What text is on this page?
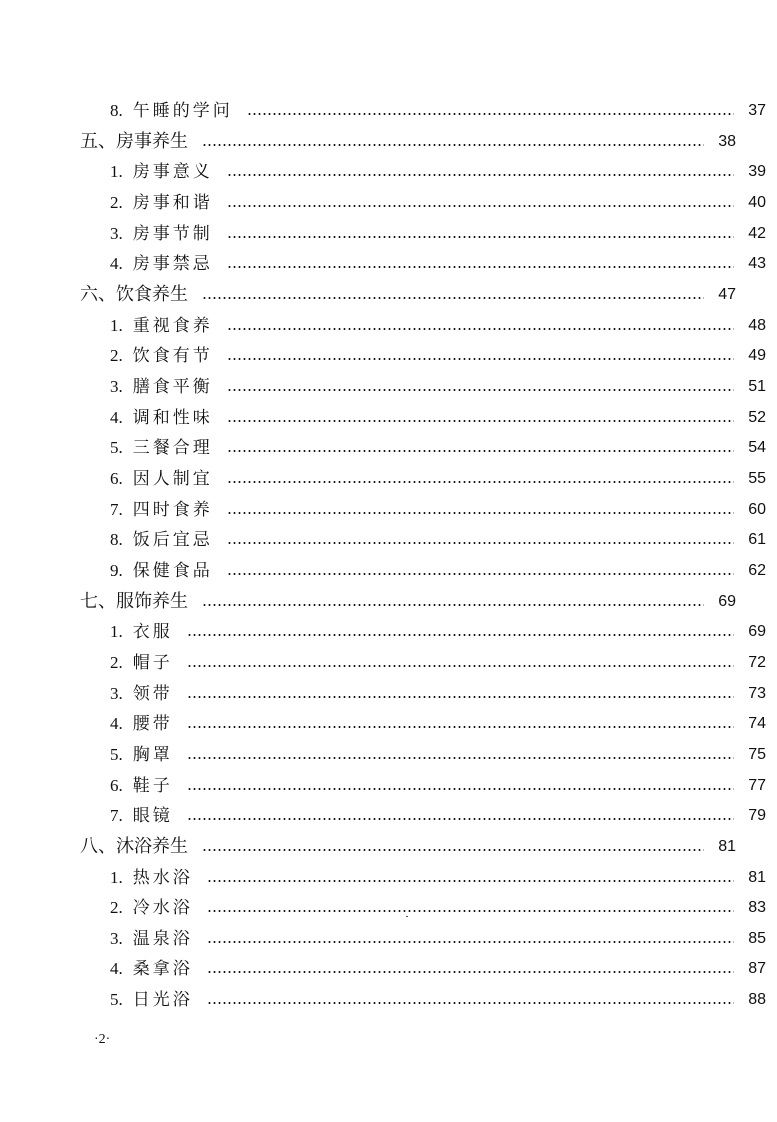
8. 午睡的学问	37
五、房事养生	38
1. 房事意义	39
2. 房事和谐	40
3. 房事节制	42
4. 房事禁忌	43
六、饮食养生	47
1. 重视食养	48
2. 饮食有节	49
3. 膳食平衡	51
4. 调和性味	52
5. 三餐合理	54
6. 因人制宜	55
7. 四时食养	60
8. 饭后宜忌	61
9. 保健食品	62
七、服饰养生	69
1. 衣服	69
2. 帽子	72
3. 领带	73
4. 腰带	74
5. 胸罩	75
6. 鞋子	77
7. 眼镜	79
八、沐浴养生	81
1. 热水浴	81
2. 冷水浴	83
3. 温泉浴	85
4. 桑拿浴	87
5. 日光浴	88
·2·
